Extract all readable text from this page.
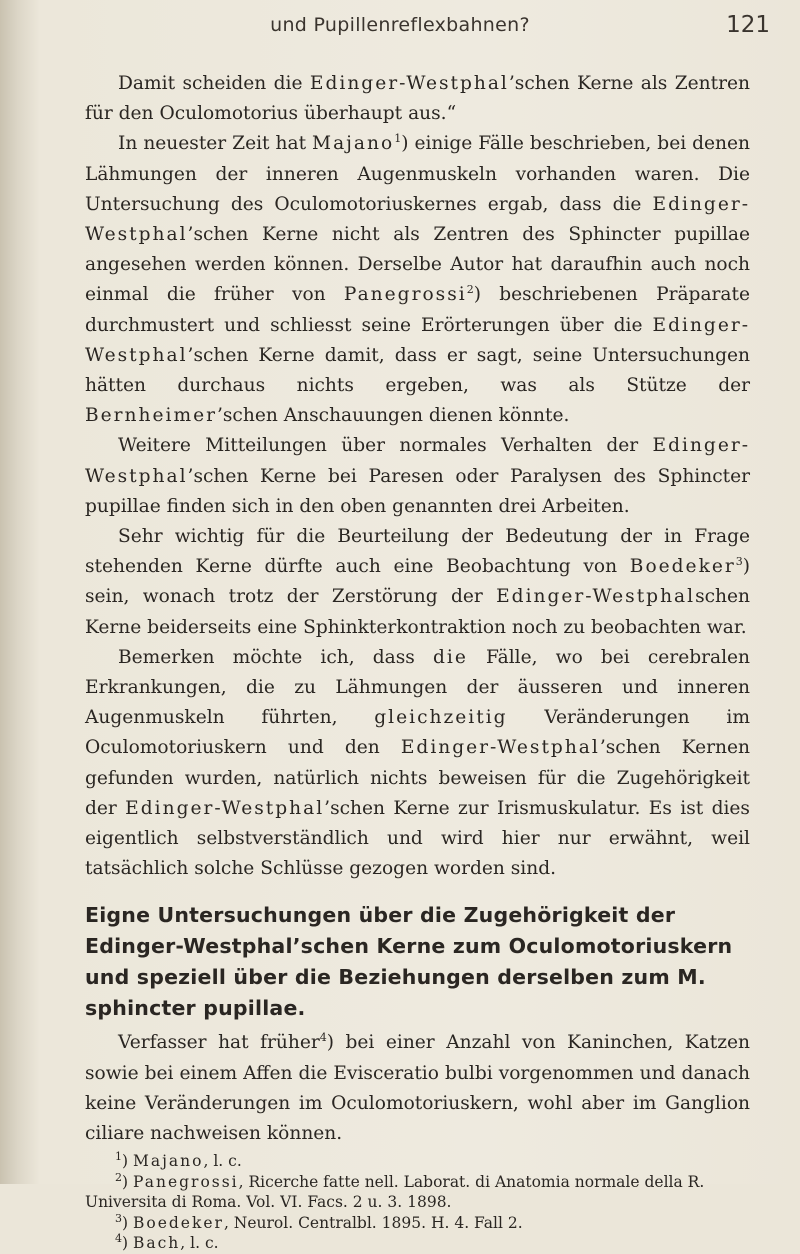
und Pupillenreflexbahnen?	121

Damit scheiden die Edinger-Westphal’schen Kerne als Zentren für den Oculomotorius überhaupt aus.“

In neuester Zeit hat Majano$^1$) einige Fälle beschrieben, bei denen Lähmungen der inneren Augenmuskeln vorhanden waren. Die Untersuchung des Oculomotoriuskernes ergab, dass die Edinger-Westphal’schen Kerne nicht als Zentren des Sphincter pupillae angesehen werden können. Derselbe Autor hat daraufhin auch noch einmal die früher von Panegrossi$^2$) beschriebenen Präparate durchmustert und schliesst seine Erörterungen über die Edinger-Westphal’schen Kerne damit, dass er sagt, seine Untersuchungen hätten durchaus nichts ergeben, was als Stütze der Bernheimer’schen Anschauungen dienen könnte.

Weitere Mitteilungen über normales Verhalten der Edinger-Westphal’schen Kerne bei Paresen oder Paralysen des Sphincter pupillae finden sich in den oben genannten drei Arbeiten.

Sehr wichtig für die Beurteilung der Bedeutung der in Frage stehenden Kerne dürfte auch eine Beobachtung von Boedeker$^3$) sein, wonach trotz der Zerstörung der Edinger-Westphalschen Kerne beiderseits eine Sphinkterkontraktion noch zu beobachten war.

Bemerken möchte ich, dass die Fälle, wo bei cerebralen Erkrankungen, die zu Lähmungen der äusseren und inneren Augenmuskeln führten, gleichzeitig Veränderungen im Oculomotoriuskern und den Edinger-Westphal’schen Kernen gefunden wurden, natürlich nichts beweisen für die Zugehörigkeit der Edinger-Westphal’schen Kerne zur Irismuskulatur. Es ist dies eigentlich selbstverständlich und wird hier nur erwähnt, weil tatsächlich solche Schlüsse gezogen worden sind.

Eigne Untersuchungen über die Zugehörigkeit der Edinger-Westphal’schen Kerne zum Oculomotoriuskern und speziell über die Beziehungen derselben zum M. sphincter pupillae.

Verfasser hat früher$^4$) bei einer Anzahl von Kaninchen, Katzen sowie bei einem Affen die Evisceratio bulbi vorgenommen und danach keine Veränderungen im Oculomotoriuskern, wohl aber im Ganglion ciliare nachweisen können.

$^1$) Majano, l. c.
$^2$) Panegrossi, Ricerche fatte nell. Laborat. di Anatomia normale della R. Universita di Roma. Vol. VI. Facs. 2 u. 3. 1898.
$^3$) Boedeker, Neurol. Centralbl. 1895. H. 4. Fall 2.
$^4$) Bach, l. c.
